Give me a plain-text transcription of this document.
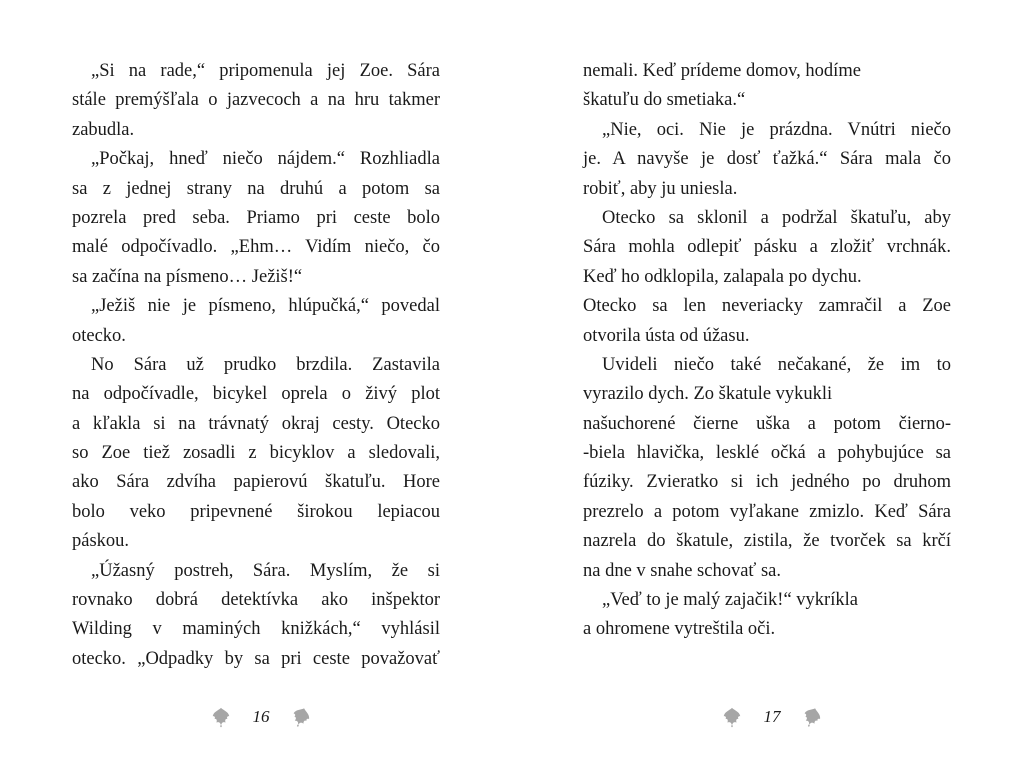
„Si na rade,“ pripomenula jej Zoe. Sára
stále premýšľala o jazvecoch a na hru takmer
zabudla.
„Počkaj, hneď niečo nájdem.“ Rozhliadla
sa z jednej strany na druhú a potom sa
pozrela pred seba. Priamo pri ceste bolo
malé odpočívadlo. „Ehm… Vidím niečo, čo
sa začína na písmeno… Ježiš!“
„Ježiš nie je písmeno, hlúpučká,“ povedal
otecko.
No Sára už prudko brzdila. Zastavila
na odpočívadle, bicykel oprela o živý plot
a kľakla si na trávnatý okraj cesty. Otecko
so Zoe tiež zosadli z bicyklov a sledovali,
ako Sára zdvíha papierovú škatuľu. Hore
bolo veko pripevnené širokou lepiacou
páskou.
„Úžasný postreh, Sára. Myslím, že si
rovnako dobrá detektívka ako inšpektor
Wilding v maminých knižkách,“ vyhlásil
otecko. „Odpadky by sa pri ceste považovať
16
nemali. Keď prídeme domov, hodíme
škatuľu do smetiaka.“
„Nie, oci. Nie je prázdna. Vnútri niečo
je. A navyše je dosť ťažká.“ Sára mala čo
robiť, aby ju uniesla.
Otecko sa sklonil a podržal škatuľu, aby
Sára mohla odlepiť pásku a zložiť vrchnák.
Keď ho odklopila, zalapala po dychu.
Otecko sa len neveriacky zamračil a Zoe
otvorila ústa od úžasu.
Uvideli niečo také nečakané, že im to
vyrazilo dych. Zo škatule vykukli
našuchorené čierne uška a potom čierno-
-biela hlavička, lesklé očká a pohybujúce sa
fúziky. Zvieratko si ich jedného po druhom
prezrelo a potom vyľakane zmizlo. Keď Sára
nazrela do škatule, zistila, že tvorček sa krčí
na dne v snahe schovať sa.
„Veď to je malý zajačik!“ vykríkla
a ohromene vytreštila oči.
17
